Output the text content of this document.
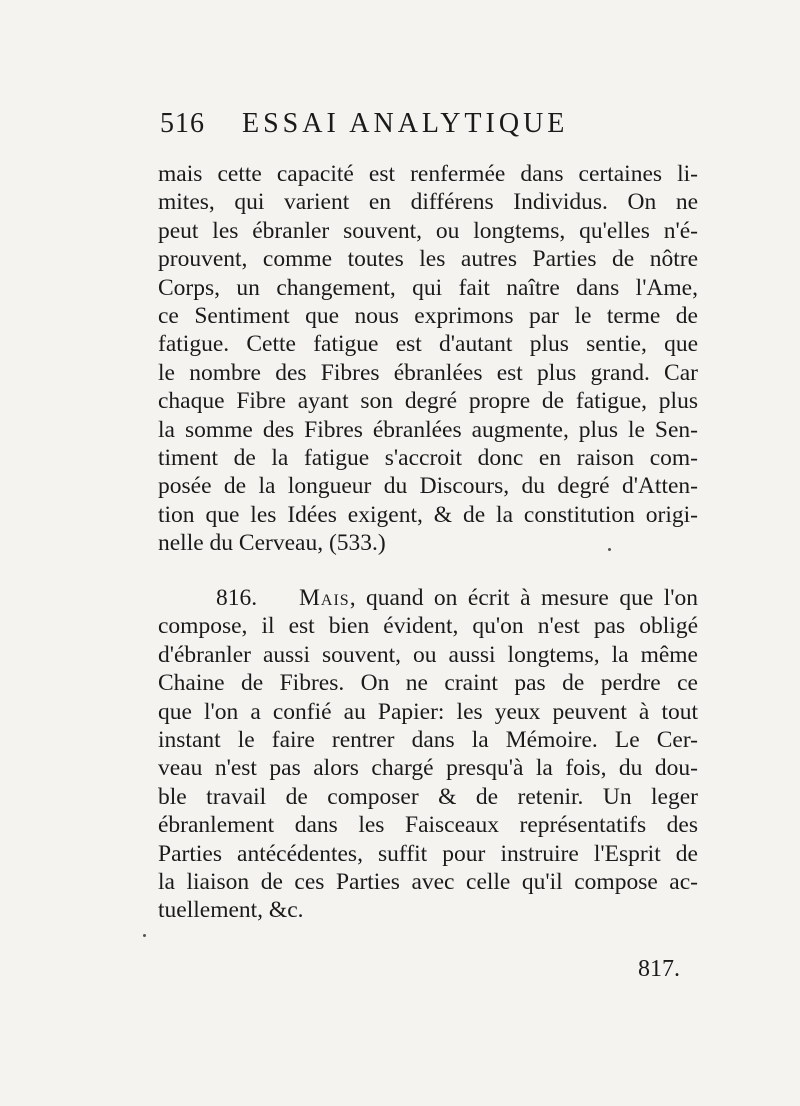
516 ESSAI ANALYTIQUE
mais cette capacité est renfermée dans certaines li-
mites, qui varient en différens Individus. On ne
peut les ébranler souvent, ou longtems, qu'elles n'é-
prouvent, comme toutes les autres Parties de nôtre
Corps, un changement, qui fait naître dans l'Ame,
ce Sentiment que nous exprimons par le terme de
fatigue. Cette fatigue est d'autant plus sentie, que
le nombre des Fibres ébranlées est plus grand. Car
chaque Fibre ayant son degré propre de fatigue, plus
la somme des Fibres ébranlées augmente, plus le Sen-
timent de la fatigue s'accroit donc en raison com-
posée de la longueur du Discours, du degré d'Atten-
tion que les Idées exigent, & de la constitution origi-
nelle du Cerveau, (533.)
816. Mais, quand on écrit à mesure que l'on
compose, il est bien évident, qu'on n'est pas obligé
d'ébranler aussi souvent, ou aussi longtems, la même
Chaine de Fibres. On ne craint pas de perdre ce
que l'on a confié au Papier: les yeux peuvent à tout
instant le faire rentrer dans la Mémoire. Le Cer-
veau n'est pas alors chargé presqu'à la fois, du dou-
ble travail de composer & de retenir. Un leger
ébranlement dans les Faisceaux représentatifs des
Parties antécédentes, suffit pour instruire l'Esprit de
la liaison de ces Parties avec celle qu'il compose ac-
tuellement, &c.
817.
